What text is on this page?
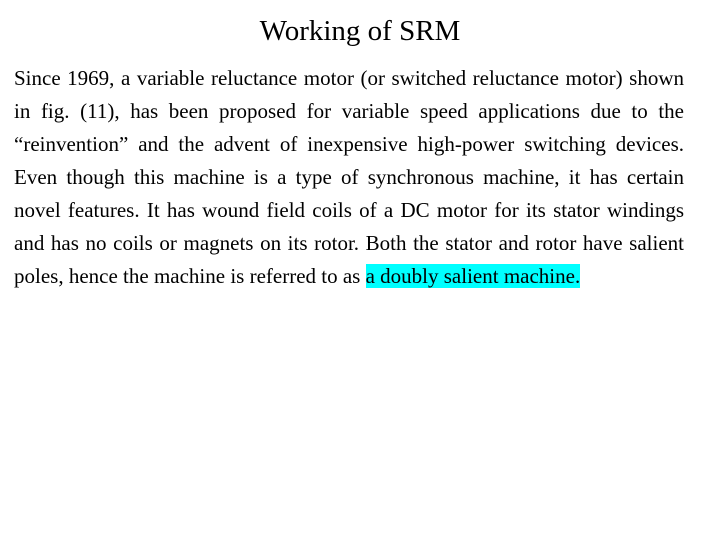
Working of SRM

Since 1969, a variable reluctance motor (or switched reluctance motor) shown in fig. (11), has been proposed for variable speed applications due to the “reinvention” and the advent of inexpensive high-power switching devices. Even though this machine is a type of synchronous machine, it has certain novel features. It has wound field coils of a DC motor for its stator windings and has no coils or magnets on its rotor. Both the stator and rotor have salient poles, hence the machine is referred to as a doubly salient machine.
